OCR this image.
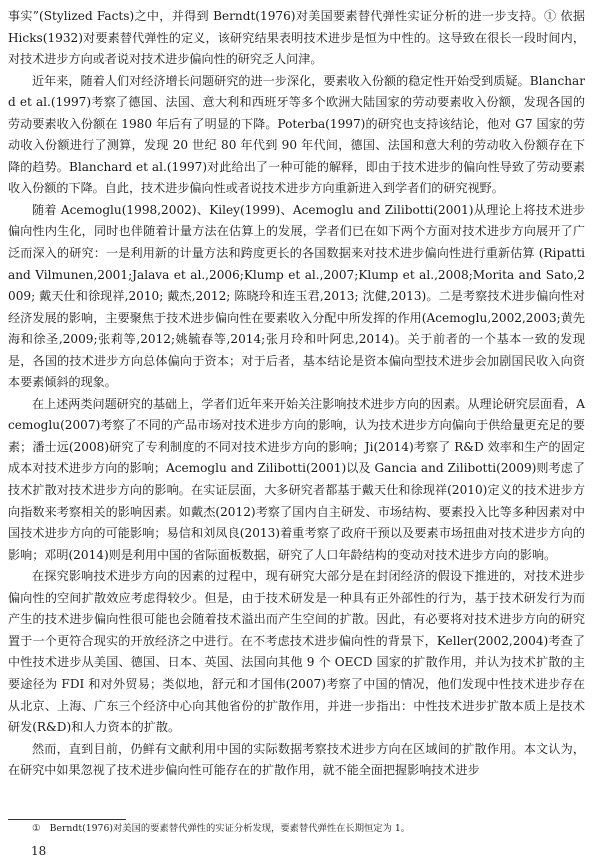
事实”(Stylized Facts)之中，并得到 Berndt(1976)对美国要素替代弹性实证分析的进一步支持。① 依据 Hicks(1932)对要素替代弹性的定义，该研究结果表明技术进步是恒为中性的。这导致在很长一段时间内，对技术进步方向或者说对技术进步偏向性的研究乏人问津。

近年来，随着人们对经济增长问题研究的进一步深化，要素收入份额的稳定性开始受到质疑。Blanchard et al.(1997)考察了德国、法国、意大利和西班牙等多个欧洲大陆国家的劳动要素收入份额，发现各国的劳动要素收入份额在 1980 年后有了明显的下降。Poterba(1997)的研究也支持该结论，他对 G7 国家的劳动收入份额进行了测算，发现 20 世纪 80 年代到 90 年代间，德国、法国和意大利的劳动收入份额存在下降的趋势。Blanchard et al.(1997)对此给出了一种可能的解释，即由于技术进步的偏向性导致了劳动要素收入份额的下降。自此，技术进步偏向性或者说技术进步方向重新进入到学者们的研究视野。

随着 Acemoglu(1998,2002)、Kiley(1999)、Acemoglu and Zilibotti(2001)从理论上将技术进步偏向性内生化，同时也伴随着计量方法在估算上的发展，学者们已在如下两个方面对技术进步方向展开了广泛而深入的研究：一是利用新的计量方法和跨度更长的各国数据来对技术进步偏向性进行重新估算 (Ripatti and Vilmunen,2001;Jalava et al.,2006;Klump et al.,2007;Klump et al.,2008;Morita and Sato,2009; 戴天仕和徐现祥,2010; 戴杰,2012; 陈晓玲和连玉君,2013; 沈健,2013)。二是考察技术进步偏向性对经济发展的影响，主要聚焦于技术进步偏向性在要素收入分配中所发挥的作用(Acemoglu,2002,2003;黄先海和徐圣,2009;张莉等,2012;姚毓春等,2014;张月玲和叶阿忠,2014)。关于前者的一个基本一致的发现是，各国的技术进步方向总体偏向于资本；对于后者，基本结论是资本偏向型技术进步会加剧国民收入向资本要素倾斜的现象。

在上述两类问题研究的基础上，学者们近年来开始关注影响技术进步方向的因素。从理论研究层面看，Acemoglu(2007)考察了不同的产品市场对技术进步方向的影响，认为技术进步方向偏向于供给量更充足的要素；潘士远(2008)研究了专利制度的不同对技术进步方向的影响；Ji(2014)考察了 R&D 效率和生产的固定成本对技术进步方向的影响；Acemoglu and Zilibotti(2001)以及 Gancia and Zilibotti(2009)则考虑了技术扩散对技术进步方向的影响。在实证层面，大多研究者都基于戴天仕和徐现祥(2010)定义的技术进步方向指数来考察相关的影响因素。如戴杰(2012)考察了国内自主研发、市场结构、要素投入比等多种因素对中国技术进步方向的可能影响；易信和刘凤良(2013)着重考察了政府干预以及要素市场扭曲对技术进步方向的影响；邓明(2014)则是利用中国的省际面板数据，研究了人口年龄结构的变动对技术进步方向的影响。

在探究影响技术进步方向的因素的过程中，现有研究大部分是在封闭经济的假设下推进的，对技术进步偏向性的空间扩散效应考虑得较少。但是，由于技术研发是一种具有正外部性的行为，基于技术研发行为而产生的技术进步偏向性很可能也会随着技术溢出而产生空间的扩散。因此，有必要将对技术进步方向的研究置于一个更符合现实的开放经济之中进行。在不考虑技术进步偏向性的背景下，Keller(2002,2004)考查了中性技术进步从美国、德国、日本、英国、法国向其他 9 个 OECD 国家的扩散作用，并认为技术扩散的主要途径为 FDI 和对外贸易；类似地，舒元和才国伟(2007)考察了中国的情况，他们发现中性技术进步存在从北京、上海、广东三个经济中心向其他省份的扩散作用，并进一步指出：中性技术进步扩散本质上是技术研发(R&D)和人力资本的扩散。

然而，直到目前，仍鲜有文献利用中国的实际数据考察技术进步方向在区域间的扩散作用。本文认为，在研究中如果忽视了技术进步偏向性可能存在的扩散作用，就不能全面把握影响技术进步

①　Berndt(1976)对美国的要素替代弹性的实证分析发现，要素替代弹性在长期恒定为 1。
18
